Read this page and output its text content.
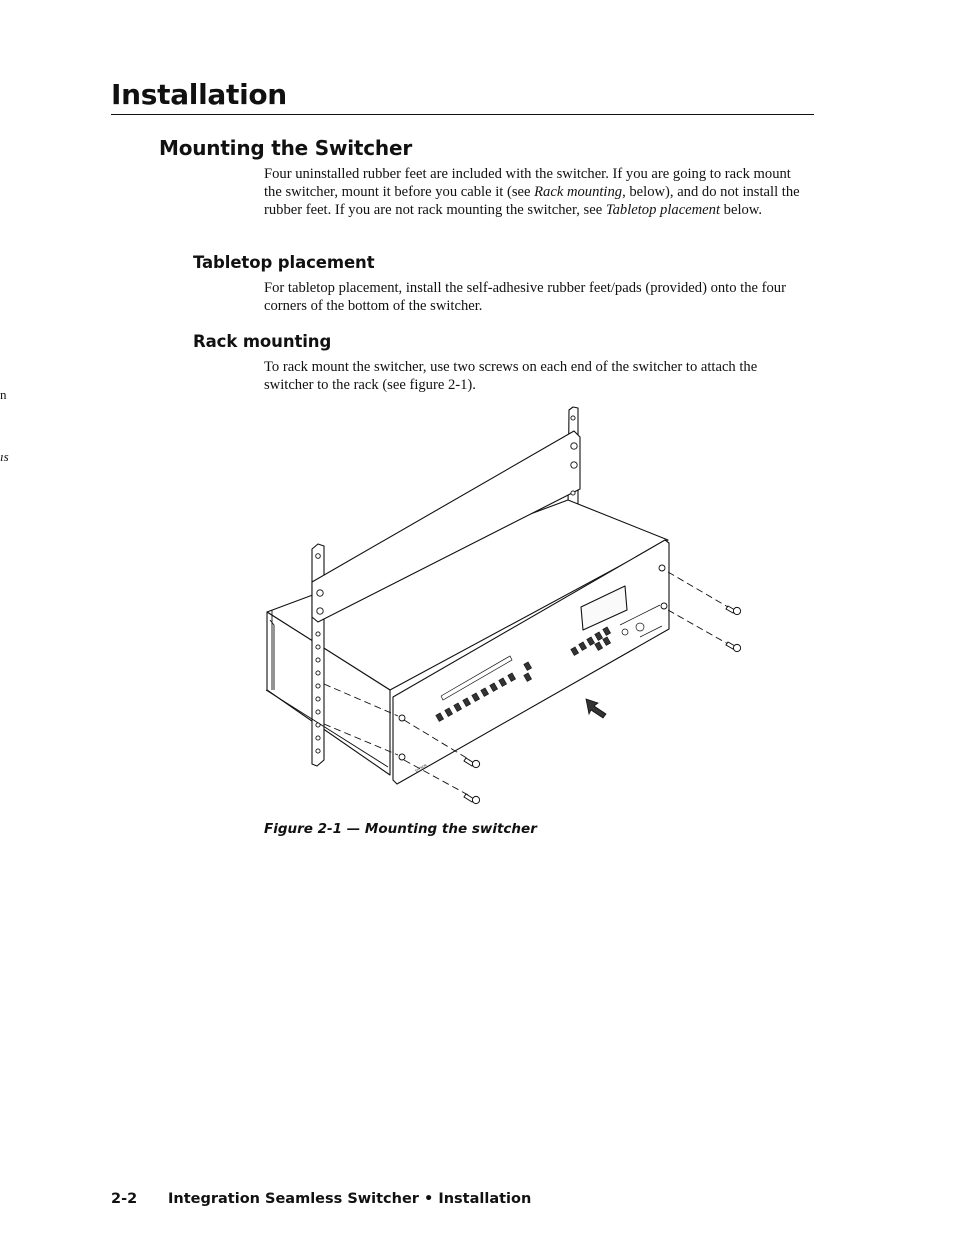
Installation
n
ıs
Mounting the Switcher

Four uninstalled rubber feet are included with the switcher. If you are going to rack mount the switcher, mount it before you cable it (see Rack mounting, below), and do not install the rubber feet. If you are not rack mounting the switcher, see Tabletop placement below.

Tabletop placement

For tabletop placement, install the self-adhesive rubber feet/pads (provided) onto the four corners of the bottom of the switcher.

Rack mounting

To rack mount the switcher, use two screws on each end of the switcher to attach the switcher to the rack (see figure 2-1).

EXTRON

Figure 2-1 — Mounting the switcher

2-2 Integration Seamless Switcher • Installation
